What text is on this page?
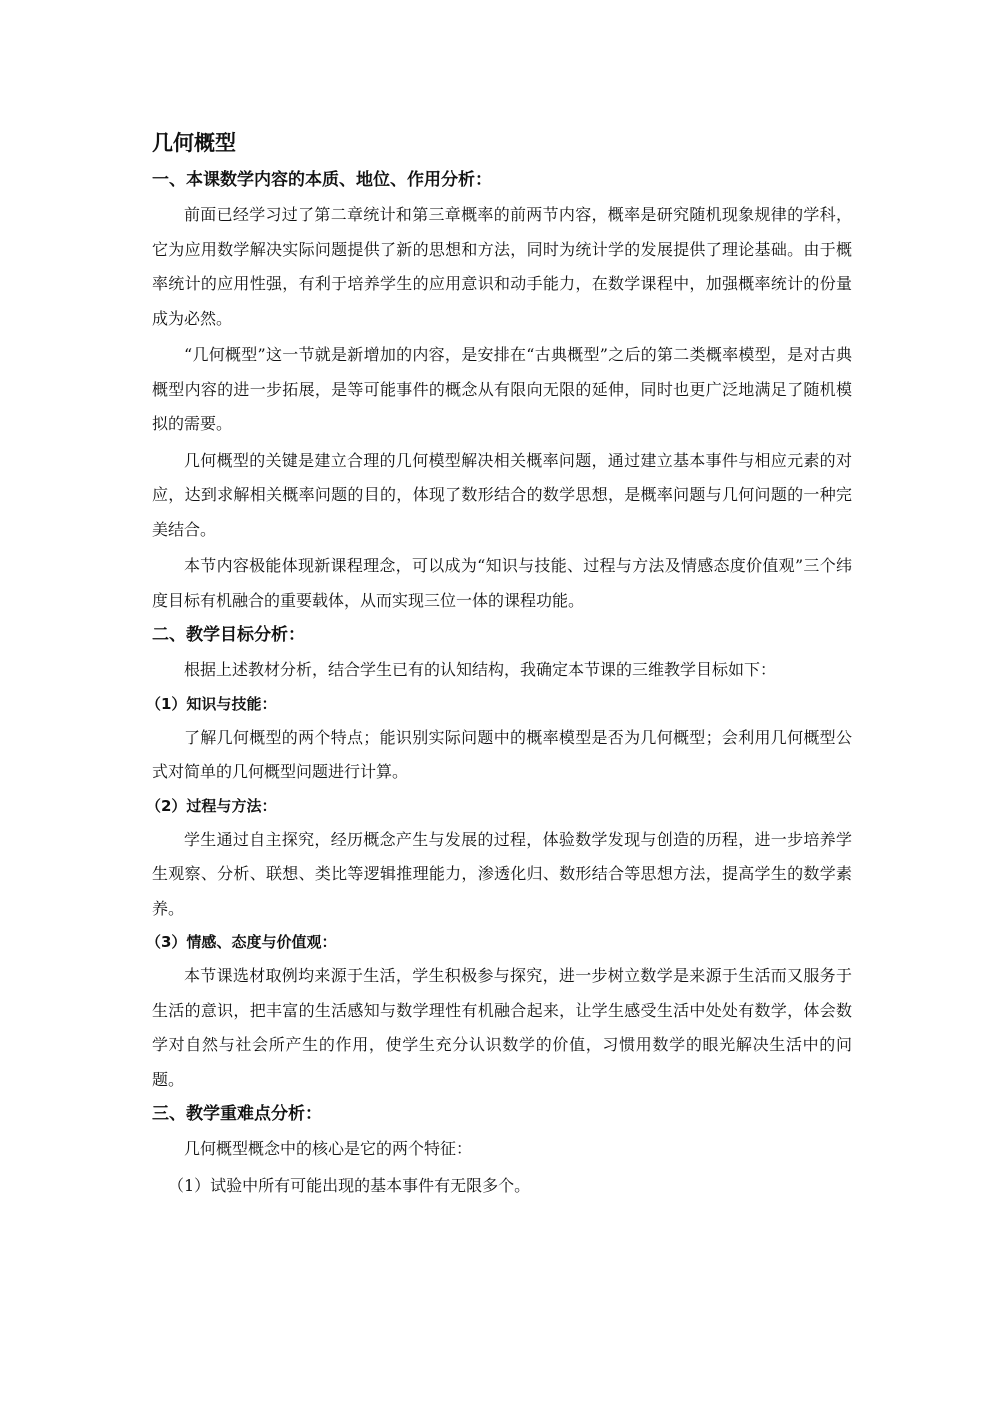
几何概型
一、本课数学内容的本质、地位、作用分析：

前面已经学习过了第二章统计和第三章概率的前两节内容，概率是研究随机现象规律的学科，它为应用数学解决实际问题提供了新的思想和方法，同时为统计学的发展提供了理论基础。由于概率统计的应用性强，有利于培养学生的应用意识和动手能力，在数学课程中，加强概率统计的份量成为必然。

“几何概型”这一节就是新增加的内容，是安排在“古典概型”之后的第二类概率模型，是对古典概型内容的进一步拓展，是等可能事件的概念从有限向无限的延伸，同时也更广泛地满足了随机模拟的需要。

几何概型的关键是建立合理的几何模型解决相关概率问题，通过建立基本事件与相应元素的对应，达到求解相关概率问题的目的，体现了数形结合的数学思想，是概率问题与几何问题的一种完美结合。

本节内容极能体现新课程理念，可以成为“知识与技能、过程与方法及情感态度价值观”三个纬度目标有机融合的重要载体，从而实现三位一体的课程功能。

二、教学目标分析：

根据上述教材分析，结合学生已有的认知结构，我确定本节课的三维教学目标如下：

（1）知识与技能：

了解几何概型的两个特点；能识别实际问题中的概率模型是否为几何概型；会利用几何概型公式对简单的几何概型问题进行计算。

（2）过程与方法：

学生通过自主探究，经历概念产生与发展的过程，体验数学发现与创造的历程，进一步培养学生观察、分析、联想、类比等逻辑推理能力，渗透化归、数形结合等思想方法，提高学生的数学素养。

（3）情感、态度与价值观：

本节课选材取例均来源于生活，学生积极参与探究，进一步树立数学是来源于生活而又服务于生活的意识，把丰富的生活感知与数学理性有机融合起来，让学生感受生活中处处有数学，体会数学对自然与社会所产生的作用，使学生充分认识数学的价值，习惯用数学的眼光解决生活中的问题。

三、教学重难点分析：

几何概型概念中的核心是它的两个特征：

（1）试验中所有可能出现的基本事件有无限多个。
